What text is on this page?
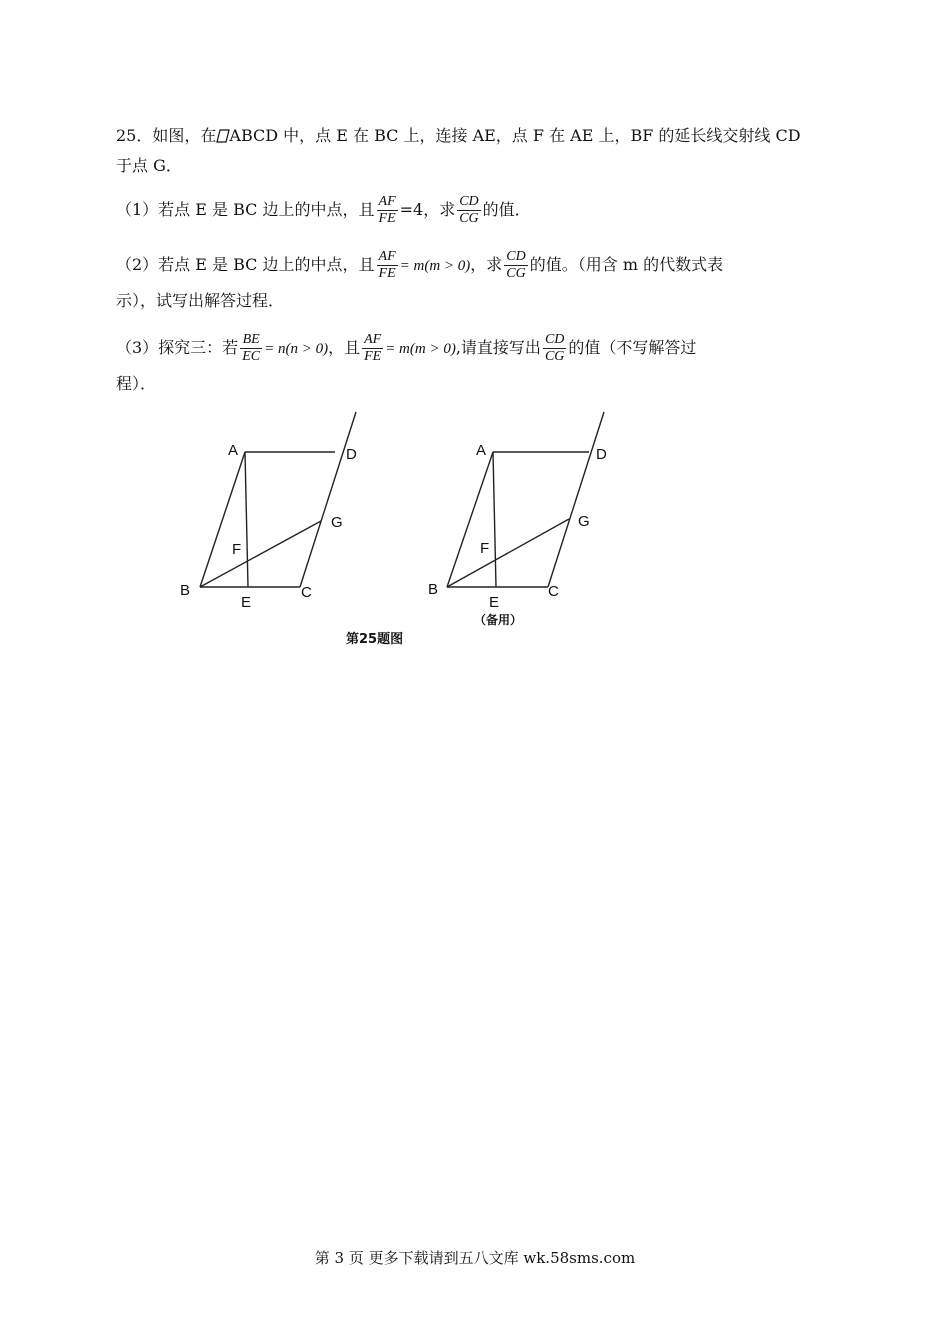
25．如图，在 ABCD 中，点 E 在 BC 上，连接 AE，点 F 在 AE 上，BF 的延长线交射线 CD
于点 G．
（1）若点 E 是 BC 边上的中点，且 $\frac{AF}{FE} =4$，求 $\frac{CD}{CG}$ 的值．
（2）若点 E 是 BC 边上的中点，且 $\frac{AF}{FE} = m(m > 0)$，求 $\frac{CD}{CG}$ 的值。（用含 m 的代数式表
示），试写出解答过程．
（3）探究三：若 $\frac{BE}{EC} = n(n > 0)$，且 $\frac{AF}{FE} = m(m > 0)$,请直接写出 $\frac{CD}{CG}$ 的值（不写解答过
程）．
A	D
G
F
B
E
C
A	D
G
F
B
E
C
（备用）
第25题图
第 3 页 更多下载请到五八文库 wk.58sms.com
